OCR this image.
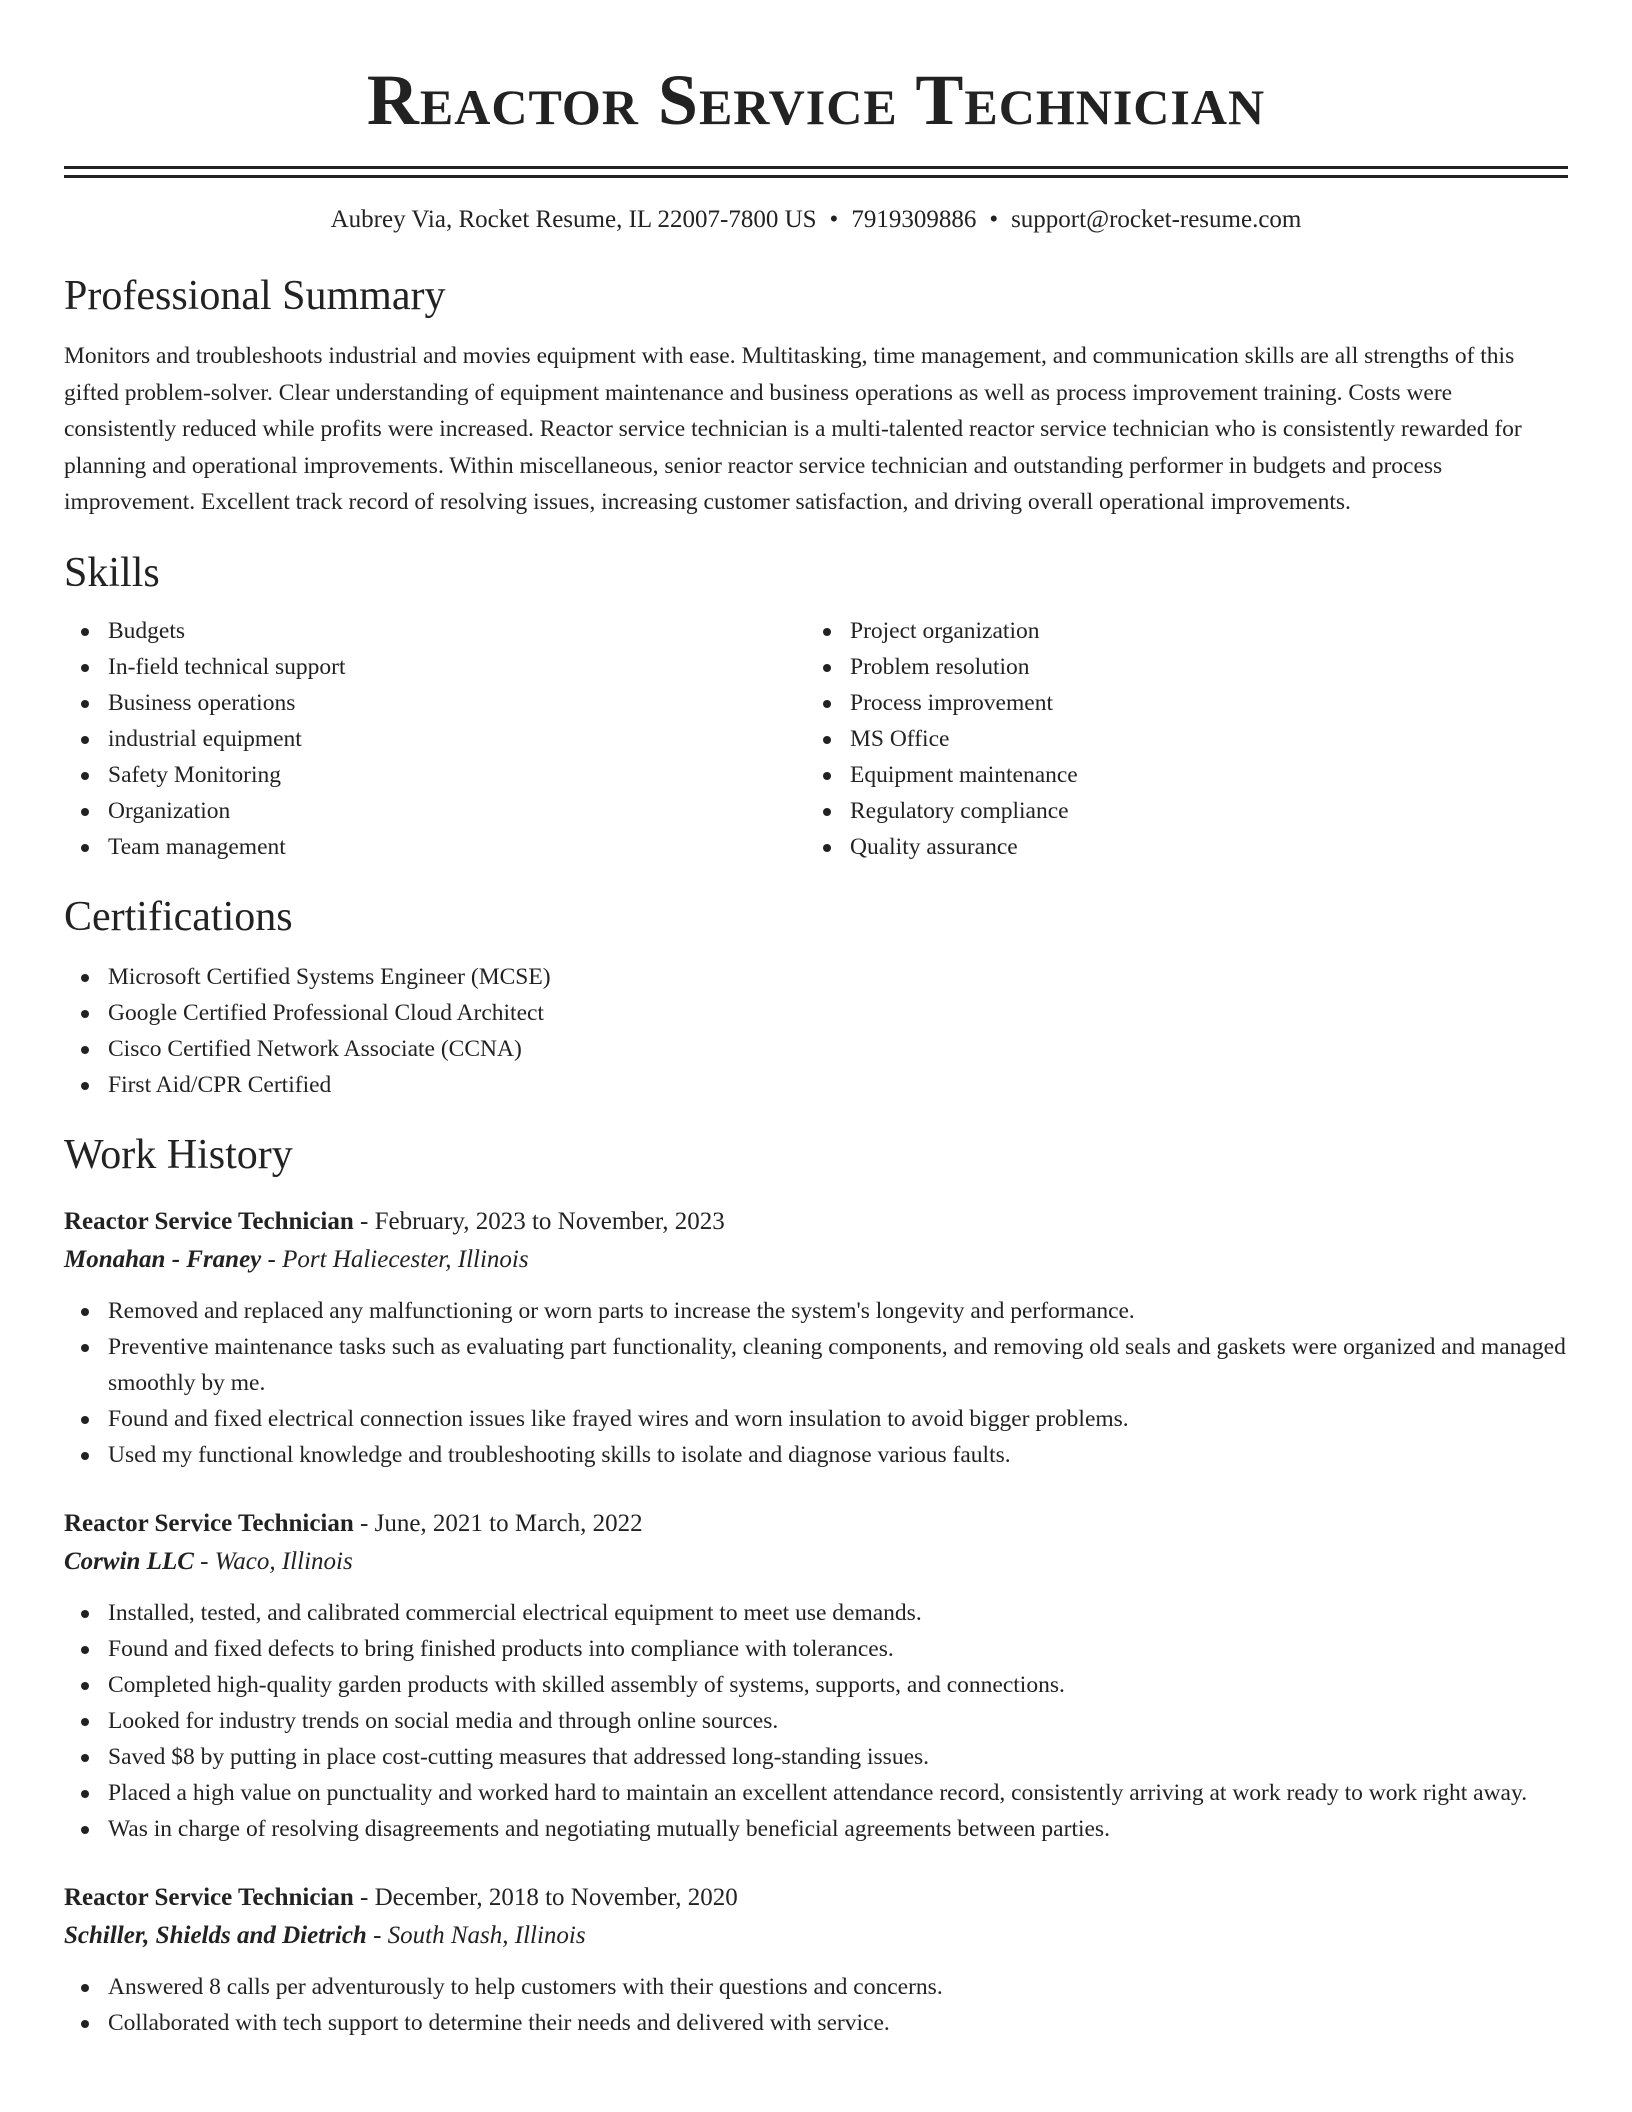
Reactor Service Technician
Aubrey Via, Rocket Resume, IL 22007-7800 US • 7919309886 • support@rocket-resume.com
Professional Summary

Monitors and troubleshoots industrial and movies equipment with ease. Multitasking, time management, and communication skills are all strengths of this gifted problem-solver. Clear understanding of equipment maintenance and business operations as well as process improvement training. Costs were consistently reduced while profits were increased. Reactor service technician is a multi-talented reactor service technician who is consistently rewarded for planning and operational improvements. Within miscellaneous, senior reactor service technician and outstanding performer in budgets and process improvement. Excellent track record of resolving issues, increasing customer satisfaction, and driving overall operational improvements.

Skills
Budgets
In-field technical support
Business operations
industrial equipment
Safety Monitoring
Organization
Team management
Project organization
Problem resolution
Process improvement
MS Office
Equipment maintenance
Regulatory compliance
Quality assurance
Certifications
Microsoft Certified Systems Engineer (MCSE)
Google Certified Professional Cloud Architect
Cisco Certified Network Associate (CCNA)
First Aid/CPR Certified
Work History
Reactor Service Technician - February, 2023 to November, 2023
Monahan - Franey - Port Haliecester, Illinois
Removed and replaced any malfunctioning or worn parts to increase the system's longevity and performance.
Preventive maintenance tasks such as evaluating part functionality, cleaning components, and removing old seals and gaskets were organized and managed smoothly by me.
Found and fixed electrical connection issues like frayed wires and worn insulation to avoid bigger problems.
Used my functional knowledge and troubleshooting skills to isolate and diagnose various faults.
Reactor Service Technician - June, 2021 to March, 2022
Corwin LLC - Waco, Illinois
Installed, tested, and calibrated commercial electrical equipment to meet use demands.
Found and fixed defects to bring finished products into compliance with tolerances.
Completed high-quality garden products with skilled assembly of systems, supports, and connections.
Looked for industry trends on social media and through online sources.
Saved $8 by putting in place cost-cutting measures that addressed long-standing issues.
Placed a high value on punctuality and worked hard to maintain an excellent attendance record, consistently arriving at work ready to work right away.
Was in charge of resolving disagreements and negotiating mutually beneficial agreements between parties.
Reactor Service Technician - December, 2018 to November, 2020
Schiller, Shields and Dietrich - South Nash, Illinois
Answered 8 calls per adventurously to help customers with their questions and concerns.
Collaborated with tech support to determine their needs and delivered with service.
